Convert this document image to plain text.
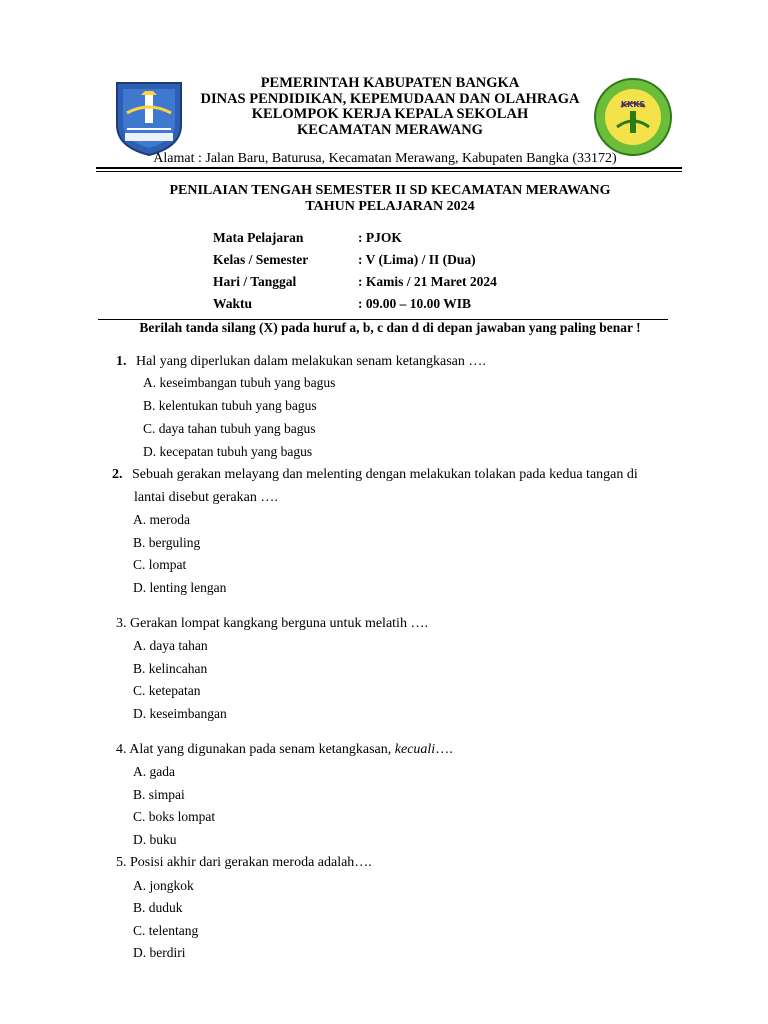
PEMERINTAH KABUPATEN BANGKA
DINAS PENDIDIKAN, KEPEMUDAAN DAN OLAHRAGA
KELOMPOK KERJA KEPALA SEKOLAH
KECAMATAN MERAWANG
KKKS
Alamat : Jalan Baru, Baturusa, Kecamatan Merawang, Kabupaten Bangka (33172)
PENILAIAN TENGAH SEMESTER II SD KECAMATAN MERAWANG
TAHUN PELAJARAN 2024
Mata Pelajaran	: PJOK
Kelas / Semester	: V (Lima) / II (Dua)
Hari / Tanggal	: Kamis / 21 Maret 2024
Waktu	: 09.00 – 10.00 WIB
Berilah tanda silang (X) pada huruf a, b, c dan d di depan jawaban yang paling benar !
1. Hal yang diperlukan dalam melakukan senam ketangkasan ….
A. keseimbangan tubuh yang bagus
B. kelentukan tubuh yang bagus
C. daya tahan tubuh yang bagus
D. kecepatan tubuh yang bagus
2. Sebuah gerakan melayang dan melenting dengan melakukan tolakan pada kedua tangan di
lantai disebut gerakan ….
A. meroda
B. berguling
C. lompat
D. lenting lengan
3. Gerakan lompat kangkang berguna untuk melatih ….
A. daya tahan
B. kelincahan
C. ketepatan
D. keseimbangan
4. Alat yang digunakan pada senam ketangkasan, kecuali….
A. gada
B. simpai
C. boks lompat
D. buku
5. Posisi akhir dari gerakan meroda adalah….
A. jongkok
B. duduk
C. telentang
D. berdiri
